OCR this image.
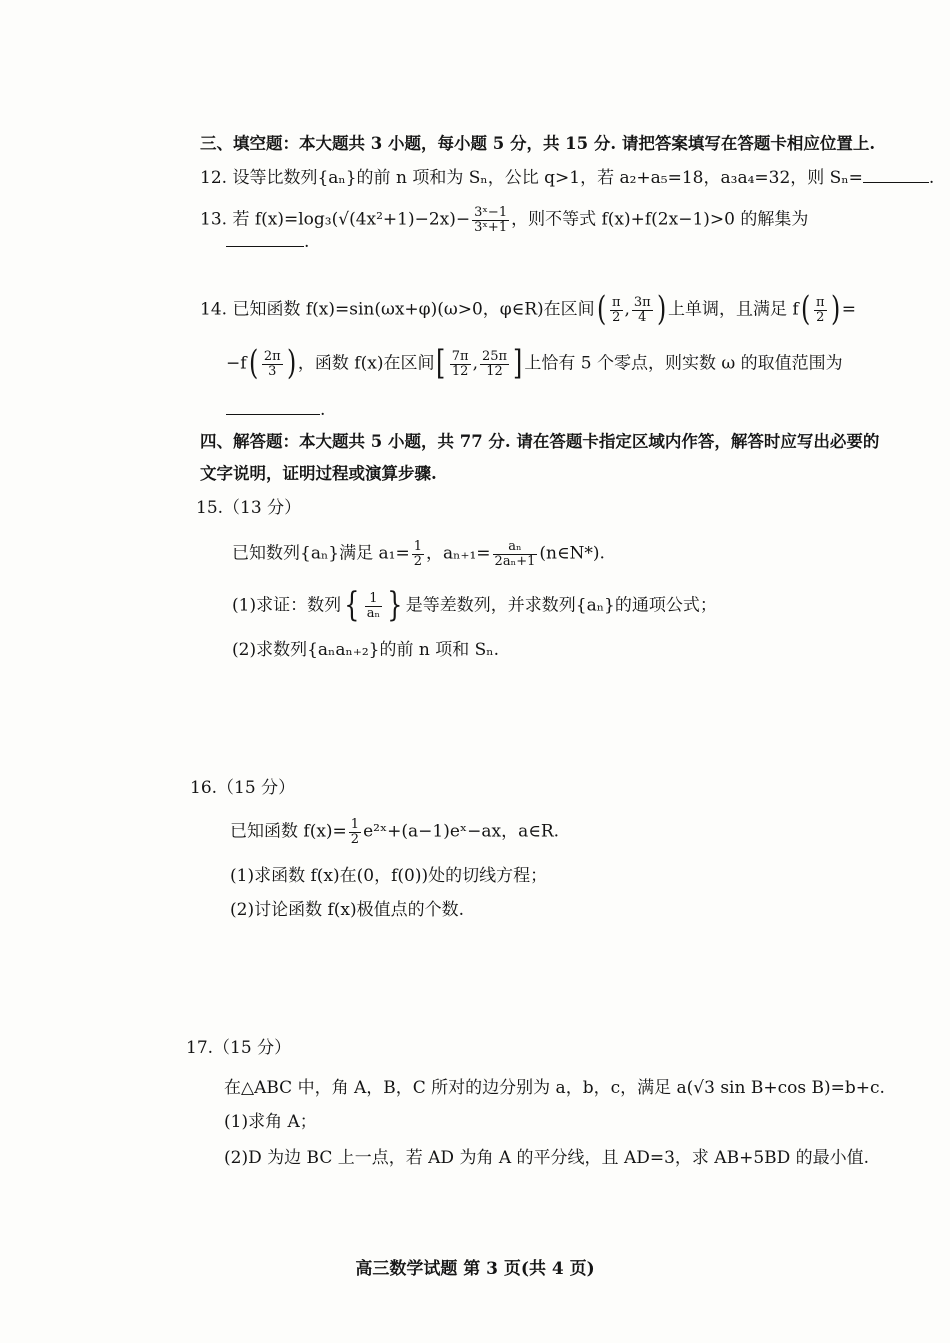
三、填空题：本大题共 3 小题，每小题 5 分，共 15 分. 请把答案填写在答题卡相应位置上.
12. 设等比数列{aₙ}的前 n 项和为 Sₙ，公比 q>1，若 a₂+a₅=18，a₃a₄=32，则 Sₙ=	.
13. 若 $f(x)=\log_3(√(4x^2+1)-2x)- \frac{\text{3ˣ−1}}{\text{3ˣ+1}}$ ，则不等式 f(x)+f(2x−1)>0 的解集为
.
14. 已知函数 f(x)=sin(ωx+φ)(ω>0，φ∈R)在区间( $\frac{\pi}{2}$ , $\frac{3\pi}{4}$ ) 上单调，且满足 $f( \frac{\pi}{2}$ ) =
$-f( \frac{2\pi}{3}$ ) ，函数 f(x)在区间[ $\frac{7\pi}{12}$ , $\frac{25\pi}{12}$ ] 上恰有 5 个零点，则实数 ω 的取值范围为
.
四、解答题：本大题共 5 小题，共 77 分. 请在答题卡指定区域内作答，解答时应写出必要的
文字说明，证明过程或演算步骤.
15.（13 分）
已知数列{aₙ}满足 $a_1= \frac{1}{2}$ ，$a_{n+1}= \frac{\text{aₙ}}{\text{2aₙ+1}}$ (n∈N*).
(1)求证：数列{ $\frac{1}{\text{aₙ}}$ } 是等差数列，并求数列{aₙ}的通项公式；
(2)求数列{aₙaₙ₊₂}的前 n 项和 Sₙ.
16.（15 分）
已知函数 $f(x)= \frac{1}{2}$ e²ˣ+(a−1)eˣ−ax，a∈R.
(1)求函数 f(x)在(0，f(0))处的切线方程；
(2)讨论函数 f(x)极值点的个数.
17.（15 分）
在△ABC 中，角 A，B，C 所对的边分别为 a，b，c，满足 a(√3 sin B+cos B)=b+c.
(1)求角 A；
(2)D 为边 BC 上一点，若 AD 为角 A 的平分线，且 AD=3，求 AB+5BD 的最小值.
高三数学试题 第 3 页(共 4 页)
